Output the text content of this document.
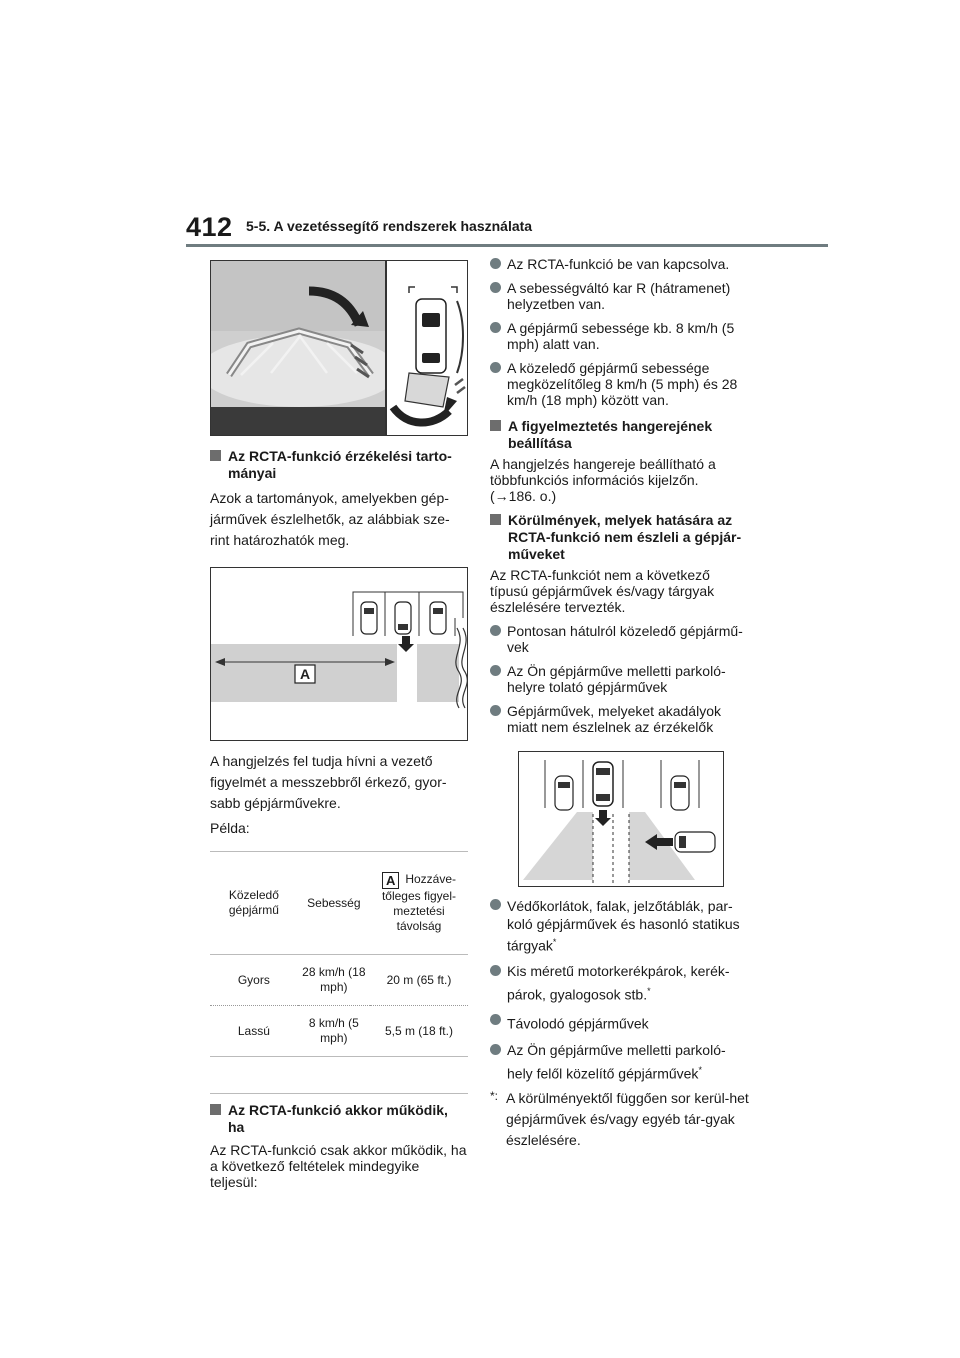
412 5-5. A vezetéssegítő rendszerek használata
Az RCTA-funkció érzékelési tarto-mányai
Azok a tartományok, amelyekben gép-járművek észlelhetők, az alábbiak sze-rint határozhatók meg.
A
A hangjelzés fel tudja hívni a vezető figyelmét a messzebbről érkező, gyor-sabb gépjárművekre.
Példa:
Közeledő gépjármű	Sebesség	A Hozzáve-tőleges figyel-meztetési távolság
Gyors	28 km/h (18 mph)	20 m (65 ft.)
Lassú	8 km/h (5 mph)	5,5 m (18 ft.)
Az RCTA-funkció akkor működik, ha
Az RCTA-funkció csak akkor működik, ha a következő feltételek mindegyike teljesül:
Az RCTA-funkció be van kapcsolva.
A sebességváltó kar R (hátramenet) helyzetben van.
A gépjármű sebessége kb. 8 km/h (5 mph) alatt van.
A közeledő gépjármű sebessége megközelítőleg 8 km/h (5 mph) és 28 km/h (18 mph) között van.
A figyelmeztetés hangerejének beállítása
A hangjelzés hangereje beállítható a többfunkciós információs kijelzőn.
(→186. o.)
Körülmények, melyek hatására az RCTA-funkció nem észleli a gépjár-műveket
Az RCTA-funkciót nem a következő típusú gépjárművek és/vagy tárgyak észlelésére tervezték.
Pontosan hátulról közeledő gépjármű-vek
Az Ön gépjárműve melletti parkoló-helyre tolató gépjárművek
Gépjárművek, melyeket akadályok miatt nem észlelnek az érzékelők
Védőkorlátok, falak, jelzőtáblák, par-koló gépjárművek és hasonló statikus tárgyak*
Kis méretű motorkerékpárok, kerék-párok, gyalogosok stb.*
Távolodó gépjárművek
Az Ön gépjárműve melletti parkoló-hely felől közelítő gépjárművek*
*: A körülményektől függően sor kerül-het gépjárművek és/vagy egyéb tár-gyak észlelésére.
